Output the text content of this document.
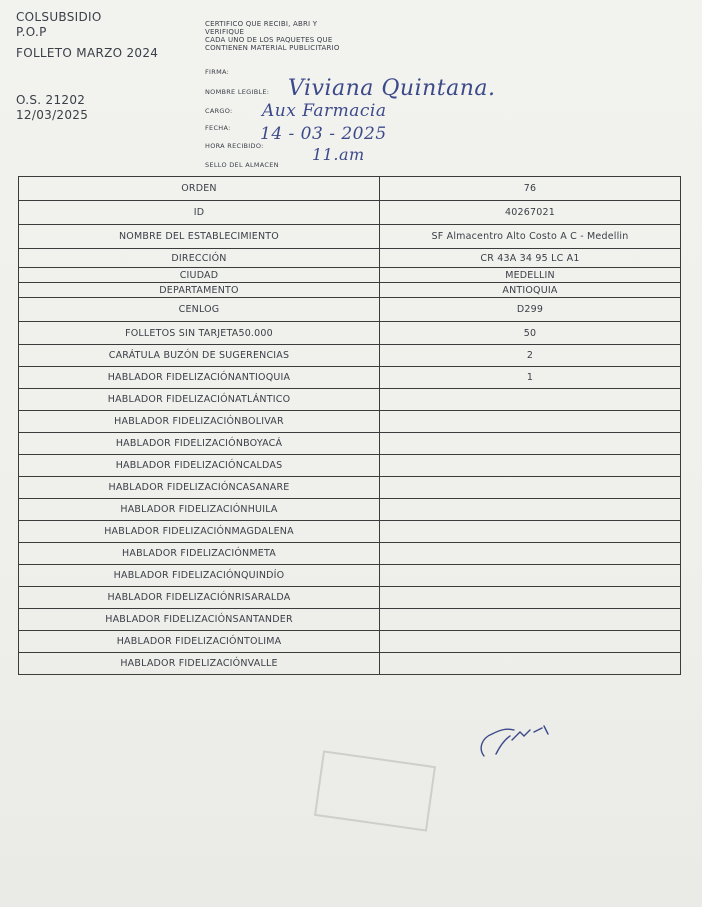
COLSUBSIDIO
P.O.P
FOLLETO MARZO 2024
O.S. 21202
12/03/2025
CERTIFICO QUE RECIBI, ABRI Y
VERIFIQUE
CADA UNO DE LOS PAQUETES QUE
CONTIENEN MATERIAL PUBLICITARIO
FIRMA:
NOMBRE LEGIBLE:
CARGO:
FECHA:
HORA RECIBIDO:
SELLO DEL ALMACEN
Viviana Quintana.
Aux Farmacia
14 - 03 - 2025
11.am
ORDEN	76
ID	40267021
NOMBRE DEL ESTABLECIMIENTO	SF Almacentro Alto Costo A C - Medellin
DIRECCIÓN	CR 43A 34 95 LC A1
CIUDAD	MEDELLIN
DEPARTAMENTO	ANTIOQUIA
CENLOG	D299
FOLLETOS SIN TARJETA50.000	50
CARÁTULA BUZÓN DE SUGERENCIAS	2
HABLADOR FIDELIZACIÓNANTIOQUIA	1
HABLADOR FIDELIZACIÓNATLÁNTICO	
HABLADOR FIDELIZACIÓNBOLIVAR	
HABLADOR FIDELIZACIÓNBOYACÁ	
HABLADOR FIDELIZACIÓNCALDAS	
HABLADOR FIDELIZACIÓNCASANARE	
HABLADOR FIDELIZACIÓNHUILA	
HABLADOR FIDELIZACIÓNMAGDALENA	
HABLADOR FIDELIZACIÓNMETA	
HABLADOR FIDELIZACIÓNQUINDÍO	
HABLADOR FIDELIZACIÓNRISARALDA	
HABLADOR FIDELIZACIÓNSANTANDER	
HABLADOR FIDELIZACIÓNTOLIMA	
HABLADOR FIDELIZACIÓNVALLE	
